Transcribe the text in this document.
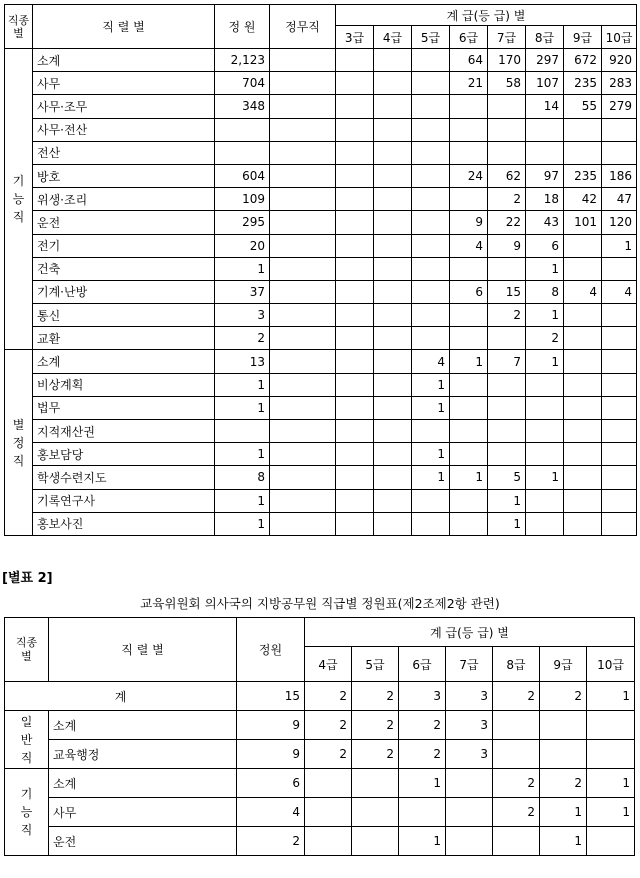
직종별	직 렬 별	정 원	정무직	계 급(등 급) 별							
				3급	4급	5급	6급	7급	8급	9급	10급

기
능
직	소계	2,123					64	170	297	672	920
	사무	704					21	58	107	235	283
	사무·조무	348							14	55	279
	사무·전산										
	전산										
	방호	604					24	62	97	235	186
	위생·조리	109						2	18	42	47
	운전	295					9	22	43	101	120
	전기	20					4	9	6		1
	건축	1							1		
	기계·난방	37					6	15	8	4	4
	통신	3						2	1		
	교환	2							2		

별
정
직	소계	13				4	1	7	1		
	비상계획	1				1					
	법무	1				1					
	지적재산권										
	홍보담당	1				1					
	학생수련지도	8				1	1	5	1		
	기록연구사	1						1			
	홍보사진	1						1			
[별표 2]
교육위원회 의사국의 지방공무원 직급별 정원표(제2조제2항 관련)
직종별	직 렬 별	정원	계 급(등 급) 별						
			4급	5급	6급	7급	8급	9급	10급
계		15	2	2	3	3	2	2	1

일
반
직	소계	9	2	2	2	3			
	교육행정	9	2	2	2	3			

기
능
직	소계	6			1		2	2	1
	사무	4					2	1	1
	운전	2			1			1	
